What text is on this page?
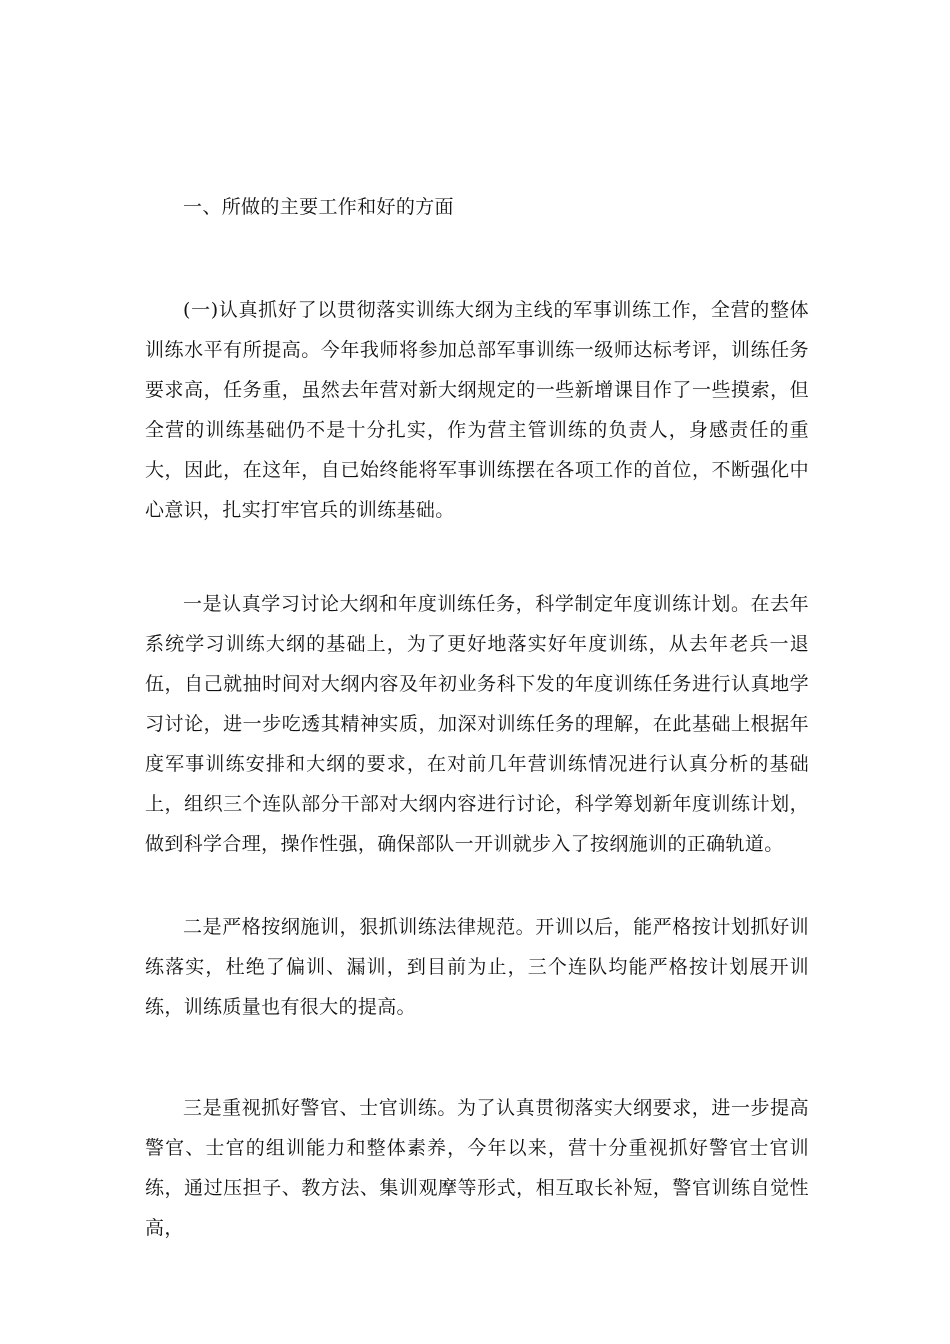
一、所做的主要工作和好的方面

(一)认真抓好了以贯彻落实训练大纲为主线的军事训练工作，全营的整体训练水平有所提高。今年我师将参加总部军事训练一级师达标考评，训练任务要求高，任务重，虽然去年营对新大纲规定的一些新增课目作了一些摸索，但全营的训练基础仍不是十分扎实，作为营主管训练的负责人，身感责任的重大，因此，在这年，自已始终能将军事训练摆在各项工作的首位，不断强化中心意识，扎实打牢官兵的训练基础。

一是认真学习讨论大纲和年度训练任务，科学制定年度训练计划。在去年系统学习训练大纲的基础上，为了更好地落实好年度训练，从去年老兵一退伍，自己就抽时间对大纲内容及年初业务科下发的年度训练任务进行认真地学习讨论，进一步吃透其精神实质，加深对训练任务的理解，在此基础上根据年度军事训练安排和大纲的要求，在对前几年营训练情况进行认真分析的基础上，组织三个连队部分干部对大纲内容进行讨论，科学筹划新年度训练计划，做到科学合理，操作性强，确保部队一开训就步入了按纲施训的正确轨道。

二是严格按纲施训，狠抓训练法律规范。开训以后，能严格按计划抓好训练落实，杜绝了偏训、漏训，到目前为止，三个连队均能严格按计划展开训练，训练质量也有很大的提高。

三是重视抓好警官、士官训练。为了认真贯彻落实大纲要求，进一步提高警官、士官的组训能力和整体素养，今年以来，营十分重视抓好警官士官训练，通过压担子、教方法、集训观摩等形式，相互取长补短，警官训练自觉性高，
